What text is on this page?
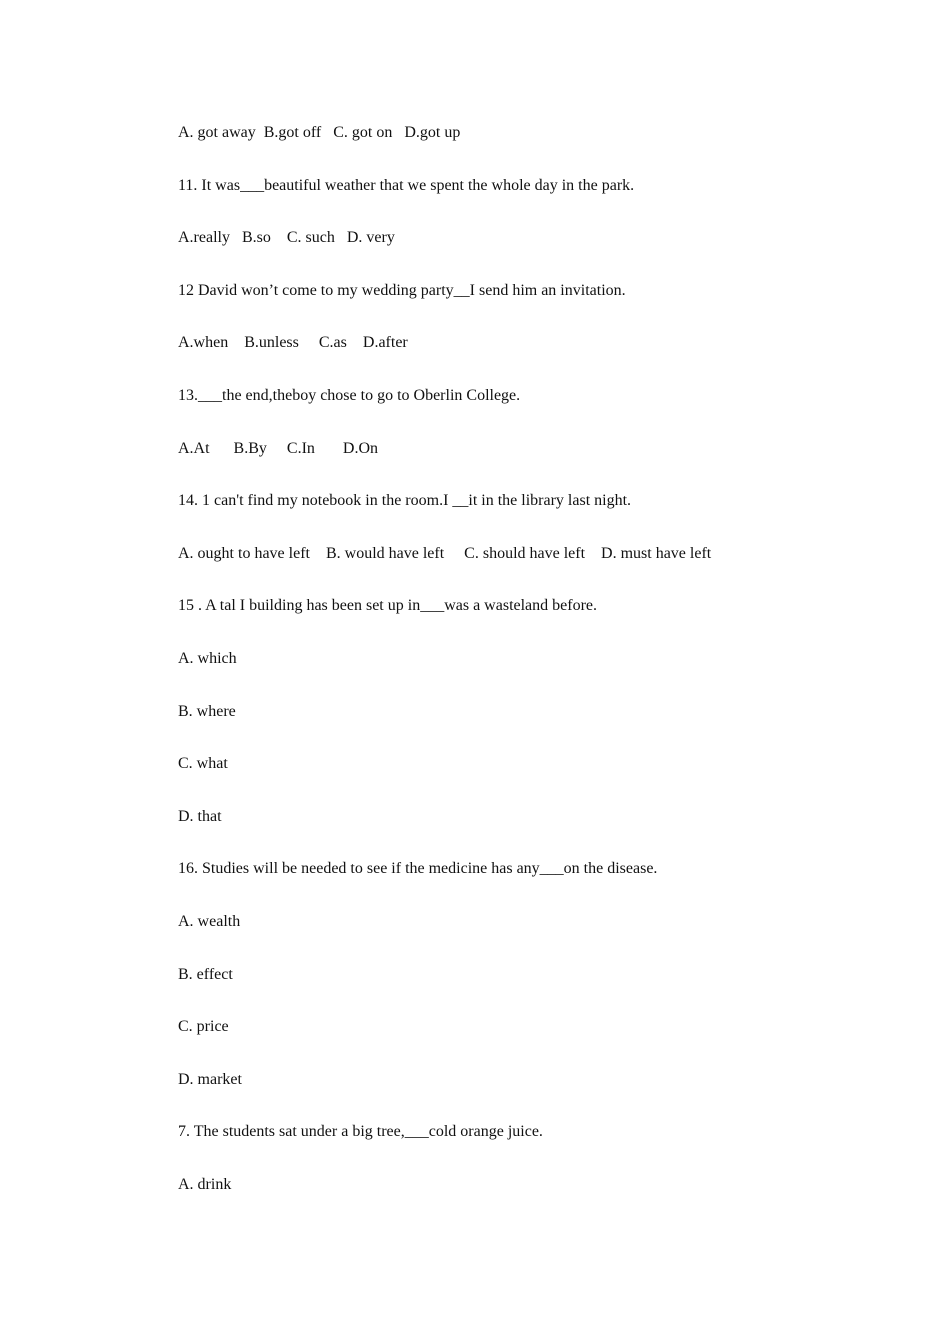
A. got away  B.got off   C. got on   D.got up
11. It was___beautiful weather that we spent the whole day in the park.
A.really   B.so    C. such   D. very
12 David won’t come to my wedding party__I send him an invitation.
A.when    B.unless     C.as    D.after
13.___the end,theboy chose to go to Oberlin College.
A.At      B.By     C.In       D.On
14. 1 can't find my notebook in the room.I __it in the library last night.
A. ought to have left    B. would have left     C. should have left    D. must have left
15 . A tal I building has been set up in___was a wasteland before.
A. which
B. where
C. what
D. that
16. Studies will be needed to see if the medicine has any___on the disease.
A. wealth
B. effect
C. price
D. market
7. The students sat under a big tree,___cold orange juice.
A. drink
